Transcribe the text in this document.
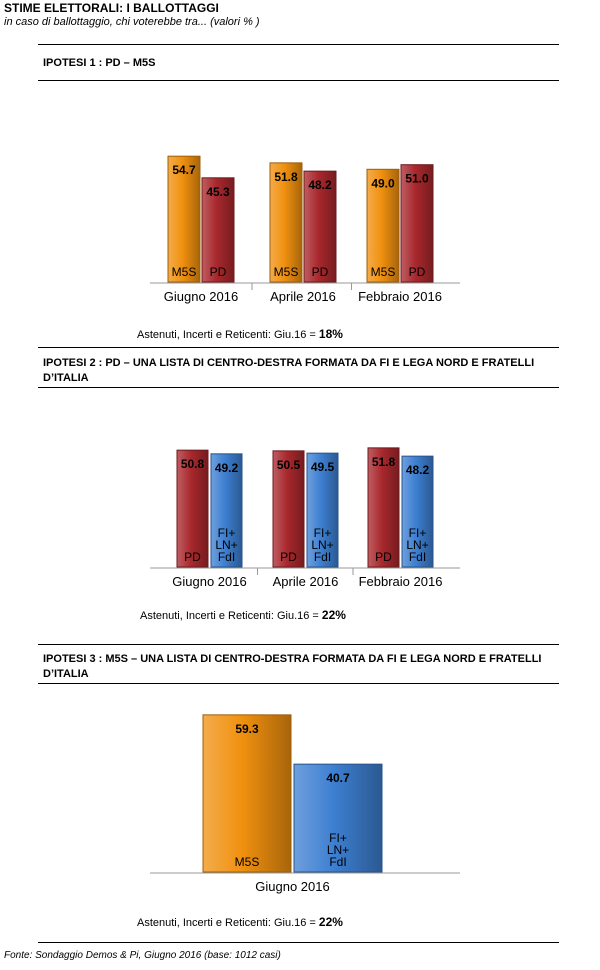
STIME ELETTORALI: I BALLOTTAGGI
in caso di ballottaggio, chi voterebbe tra... (valori % )
IPOTESI 1 : PD – M5S
54.7
M5S
45.3
PD
Giugno 2016
51.8
M5S
48.2
PD
Aprile 2016
49.0
M5S
51.0
PD
Febbraio 2016
Astenuti, Incerti e Reticenti: Giu.16 = 18%
IPOTESI 2 : PD – UNA LISTA DI CENTRO-DESTRA FORMATA DA FI E LEGA NORD E FRATELLI D’ITALIA
50.8
PD
49.2
FI+
LN+
FdI
Giugno 2016
50.5
PD
49.5
FI+
LN+
FdI
Aprile 2016
51.8
PD
48.2
FI+
LN+
FdI
Febbraio 2016
Astenuti, Incerti e Reticenti: Giu.16 = 22%
IPOTESI 3 : M5S – UNA LISTA DI CENTRO-DESTRA FORMATA DA FI E LEGA NORD E FRATELLI D’ITALIA
59.3
M5S
40.7
FI+
LN+
FdI
Giugno 2016
Astenuti, Incerti e Reticenti: Giu.16 = 22%
Fonte: Sondaggio Demos & Pi, Giugno 2016 (base: 1012 casi)
